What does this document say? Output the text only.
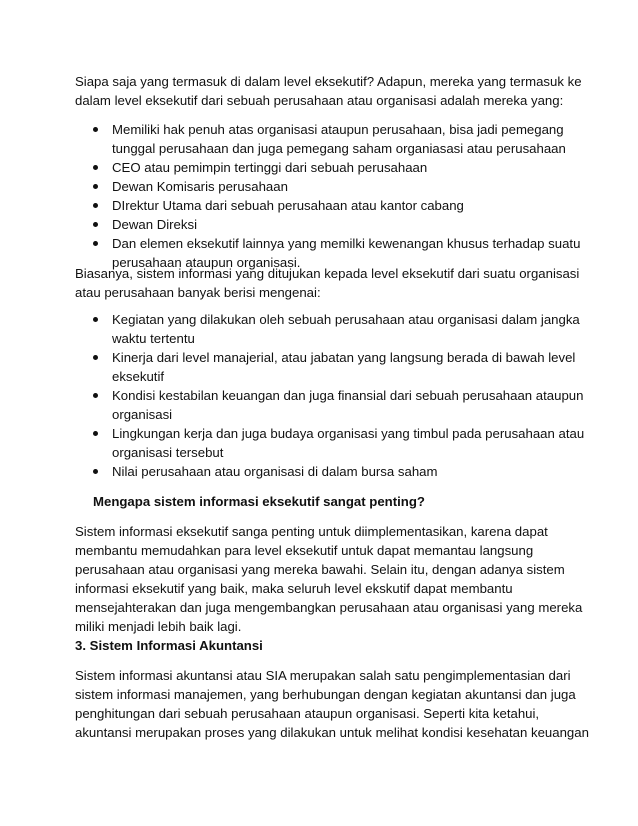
Siapa saja yang termasuk di dalam level eksekutif? Adapun, mereka yang termasuk ke
dalam level eksekutif dari sebuah perusahaan atau organisasi adalah mereka yang:

Memiliki hak penuh atas organisasi ataupun perusahaan, bisa jadi pemegang
tunggal perusahaan dan juga pemegang saham organiasasi atau perusahaan
CEO atau pemimpin tertinggi dari sebuah perusahaan
Dewan Komisaris perusahaan
DIrektur Utama dari sebuah perusahaan atau kantor cabang
Dewan Direksi
Dan elemen eksekutif lainnya yang memilki kewenangan khusus terhadap suatu
perusahaan ataupun organisasi.

Biasanya, sistem informasi yang ditujukan kepada level eksekutif dari suatu organisasi
atau perusahaan banyak berisi mengenai:

Kegiatan yang dilakukan oleh sebuah perusahaan atau organisasi dalam jangka
waktu tertentu
Kinerja dari level manajerial, atau jabatan yang langsung berada di bawah level
eksekutif
Kondisi kestabilan keuangan dan juga finansial dari sebuah perusahaan ataupun
organisasi
Lingkungan kerja dan juga budaya organisasi yang timbul pada perusahaan atau
organisasi tersebut
Nilai perusahaan atau organisasi di dalam bursa saham
Mengapa sistem informasi eksekutif sangat penting?

Sistem informasi eksekutif sanga penting untuk diimplementasikan, karena dapat
membantu memudahkan para level eksekutif untuk dapat memantau langsung
perusahaan atau organisasi yang mereka bawahi. Selain itu, dengan adanya sistem
informasi eksekutif yang baik, maka seluruh level ekskutif dapat membantu
mensejahterakan dan juga mengembangkan perusahaan atau organisasi yang mereka
miliki menjadi lebih baik lagi.

3. Sistem Informasi Akuntansi

Sistem informasi akuntansi atau SIA merupakan salah satu pengimplementasian dari
sistem informasi manajemen, yang berhubungan dengan kegiatan akuntansi dan juga
penghitungan dari sebuah perusahaan ataupun organisasi. Seperti kita ketahui,
akuntansi merupakan proses yang dilakukan untuk melihat kondisi kesehatan keuangan
